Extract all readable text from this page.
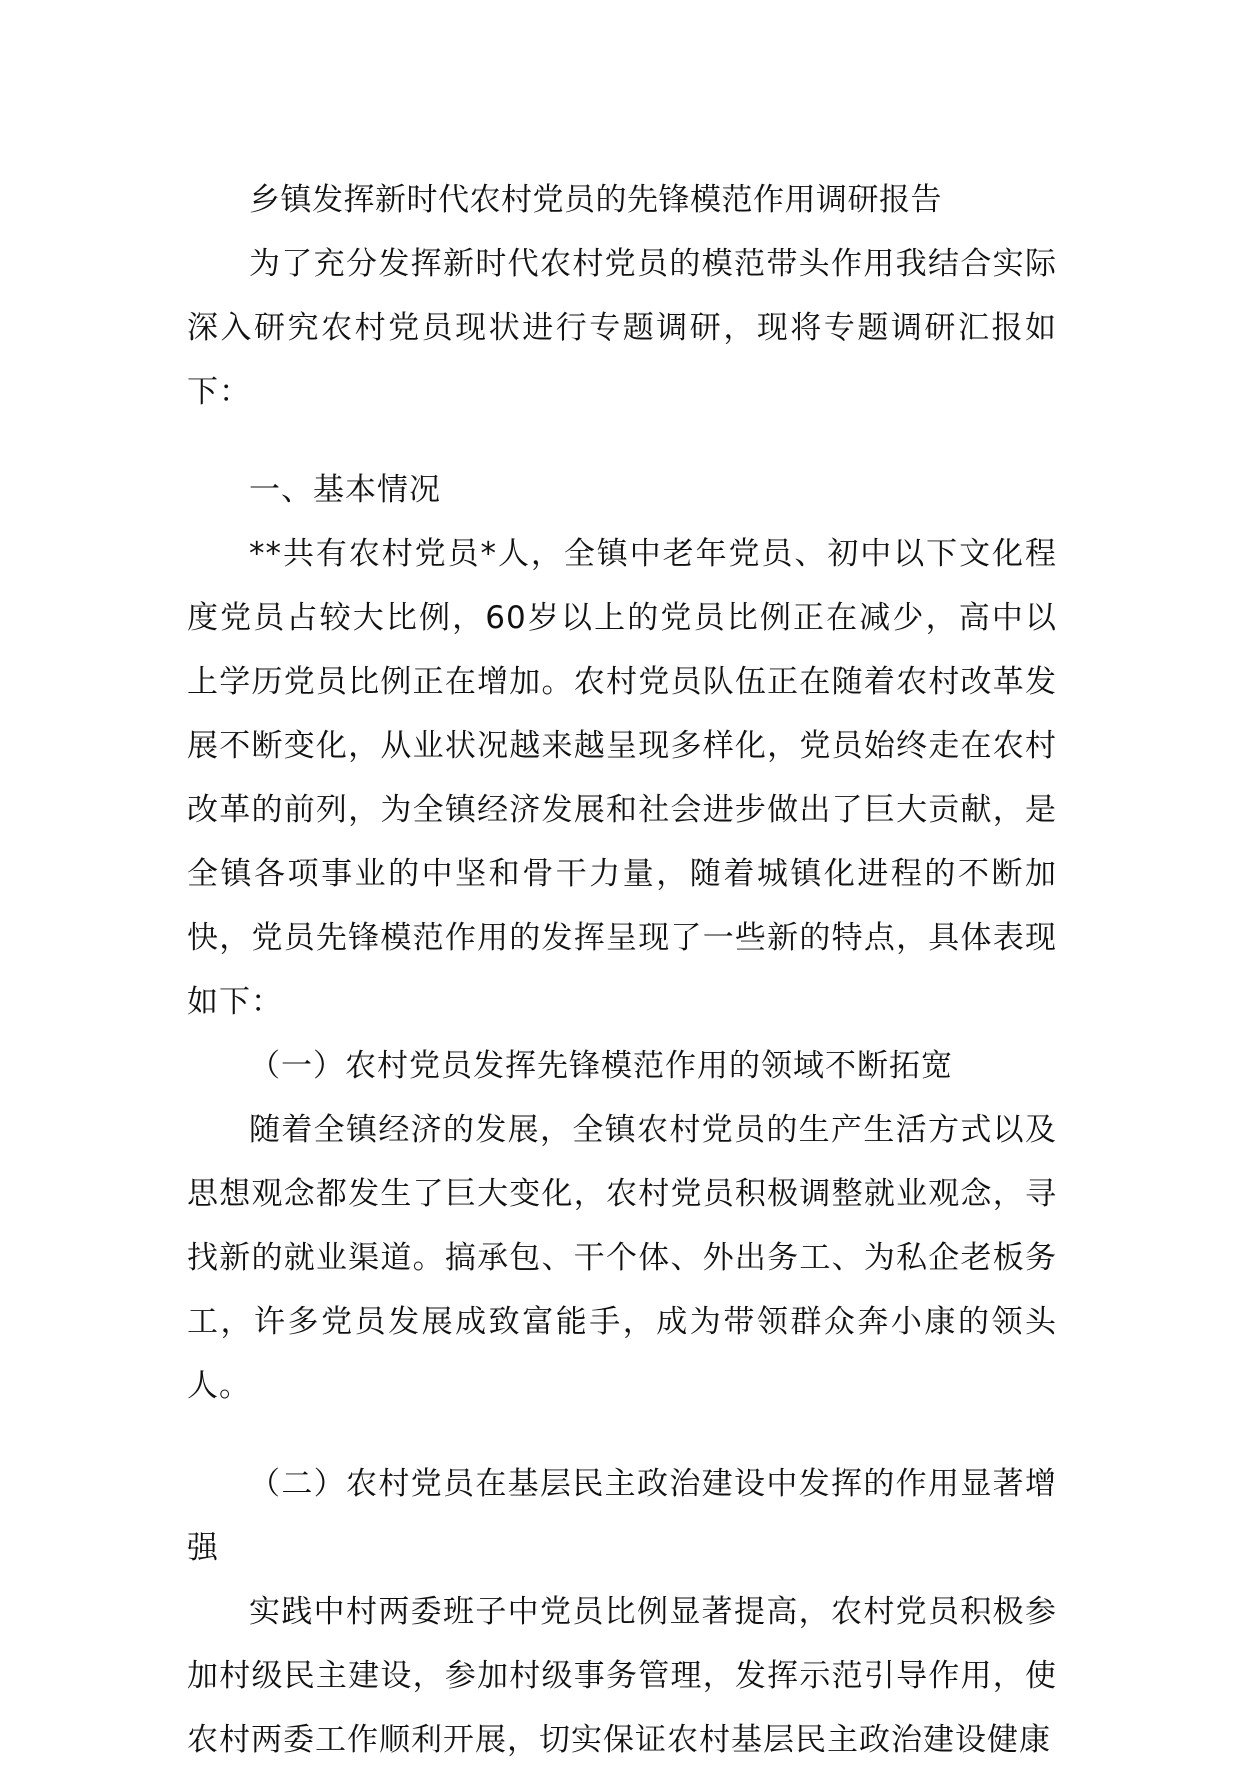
乡镇发挥新时代农村党员的先锋模范作用调研报告

为了充分发挥新时代农村党员的模范带头作用我结合实际深入研究农村党员现状进行专题调研，现将专题调研汇报如下：

一、基本情况

**共有农村党员*人，全镇中老年党员、初中以下文化程度党员占较大比例，60岁以上的党员比例正在减少，高中以上学历党员比例正在增加。农村党员队伍正在随着农村改革发展不断变化，从业状况越来越呈现多样化，党员始终走在农村改革的前列，为全镇经济发展和社会进步做出了巨大贡献，是全镇各项事业的中坚和骨干力量，随着城镇化进程的不断加快，党员先锋模范作用的发挥呈现了一些新的特点，具体表现如下：

（一）农村党员发挥先锋模范作用的领域不断拓宽

随着全镇经济的发展，全镇农村党员的生产生活方式以及思想观念都发生了巨大变化，农村党员积极调整就业观念，寻找新的就业渠道。搞承包、干个体、外出务工、为私企老板务工，许多党员发展成致富能手，成为带领群众奔小康的领头人。

（二）农村党员在基层民主政治建设中发挥的作用显著增强

实践中村两委班子中党员比例显著提高，农村党员积极参加村级民主建设，参加村级事务管理，发挥示范引导作用，使农村两委工作顺利开展，切实保证农村基层民主政治建设健康
